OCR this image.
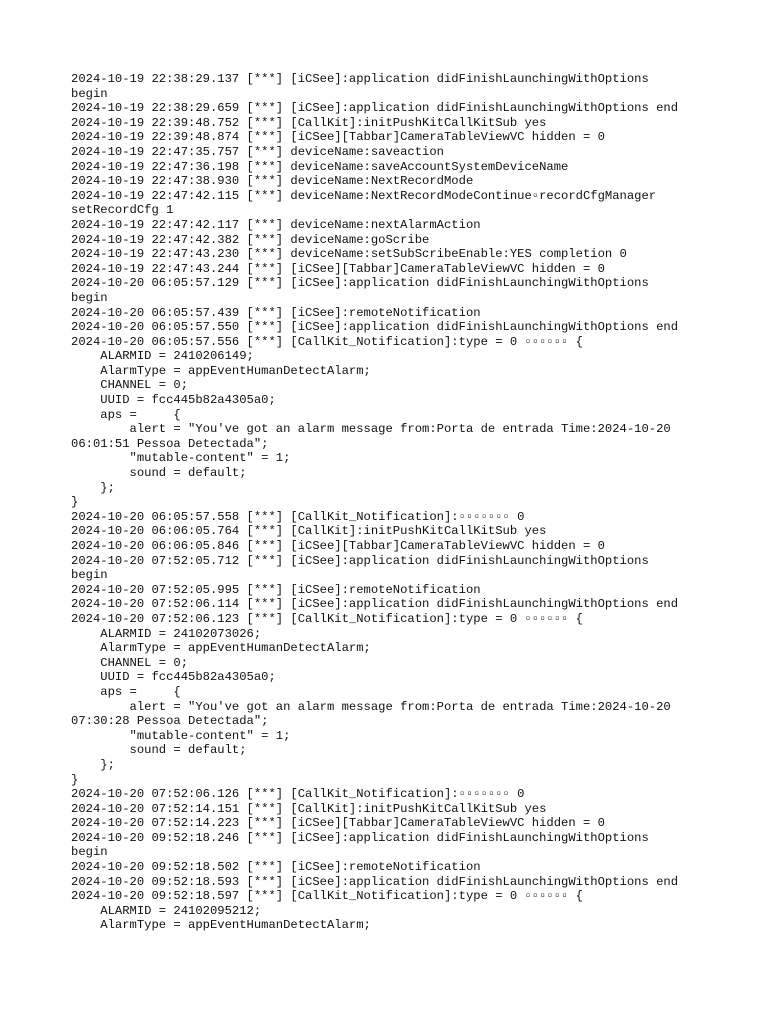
2024-10-19 22:38:29.137 [***] [iCSee]:application didFinishLaunchingWithOptions
begin
2024-10-19 22:38:29.659 [***] [iCSee]:application didFinishLaunchingWithOptions end
2024-10-19 22:39:48.752 [***] [CallKit]:initPushKitCallKitSub yes
2024-10-19 22:39:48.874 [***] [iCSee][Tabbar]CameraTableViewVC hidden = 0
2024-10-19 22:47:35.757 [***] deviceName:saveaction
2024-10-19 22:47:36.198 [***] deviceName:saveAccountSystemDeviceName
2024-10-19 22:47:38.930 [***] deviceName:NextRecordMode
2024-10-19 22:47:42.115 [***] deviceName:NextRecordModeContinue▫recordCfgManager
setRecordCfg 1
2024-10-19 22:47:42.117 [***] deviceName:nextAlarmAction
2024-10-19 22:47:42.382 [***] deviceName:goScribe
2024-10-19 22:47:43.230 [***] deviceName:setSubScribeEnable:YES completion 0
2024-10-19 22:47:43.244 [***] [iCSee][Tabbar]CameraTableViewVC hidden = 0
2024-10-20 06:05:57.129 [***] [iCSee]:application didFinishLaunchingWithOptions
begin
2024-10-20 06:05:57.439 [***] [iCSee]:remoteNotification
2024-10-20 06:05:57.550 [***] [iCSee]:application didFinishLaunchingWithOptions end
2024-10-20 06:05:57.556 [***] [CallKit_Notification]:type = 0 ▫▫▫▫▫▫ {
ALARMID = 2410206149;
AlarmType = appEventHumanDetectAlarm;
CHANNEL = 0;
UUID = fcc445b82a4305a0;
aps =     {
alert = "You've got an alarm message from:Porta de entrada Time:2024-10-20
06:01:51 Pessoa Detectada";
"mutable-content" = 1;
sound = default;
};
}
2024-10-20 06:05:57.558 [***] [CallKit_Notification]:▫▫▫▫▫▫▫ 0
2024-10-20 06:06:05.764 [***] [CallKit]:initPushKitCallKitSub yes
2024-10-20 06:06:05.846 [***] [iCSee][Tabbar]CameraTableViewVC hidden = 0
2024-10-20 07:52:05.712 [***] [iCSee]:application didFinishLaunchingWithOptions
begin
2024-10-20 07:52:05.995 [***] [iCSee]:remoteNotification
2024-10-20 07:52:06.114 [***] [iCSee]:application didFinishLaunchingWithOptions end
2024-10-20 07:52:06.123 [***] [CallKit_Notification]:type = 0 ▫▫▫▫▫▫ {
ALARMID = 24102073026;
AlarmType = appEventHumanDetectAlarm;
CHANNEL = 0;
UUID = fcc445b82a4305a0;
aps =     {
alert = "You've got an alarm message from:Porta de entrada Time:2024-10-20
07:30:28 Pessoa Detectada";
"mutable-content" = 1;
sound = default;
};
}
2024-10-20 07:52:06.126 [***] [CallKit_Notification]:▫▫▫▫▫▫▫ 0
2024-10-20 07:52:14.151 [***] [CallKit]:initPushKitCallKitSub yes
2024-10-20 07:52:14.223 [***] [iCSee][Tabbar]CameraTableViewVC hidden = 0
2024-10-20 09:52:18.246 [***] [iCSee]:application didFinishLaunchingWithOptions
begin
2024-10-20 09:52:18.502 [***] [iCSee]:remoteNotification
2024-10-20 09:52:18.593 [***] [iCSee]:application didFinishLaunchingWithOptions end
2024-10-20 09:52:18.597 [***] [CallKit_Notification]:type = 0 ▫▫▫▫▫▫ {
ALARMID = 24102095212;
AlarmType = appEventHumanDetectAlarm;
